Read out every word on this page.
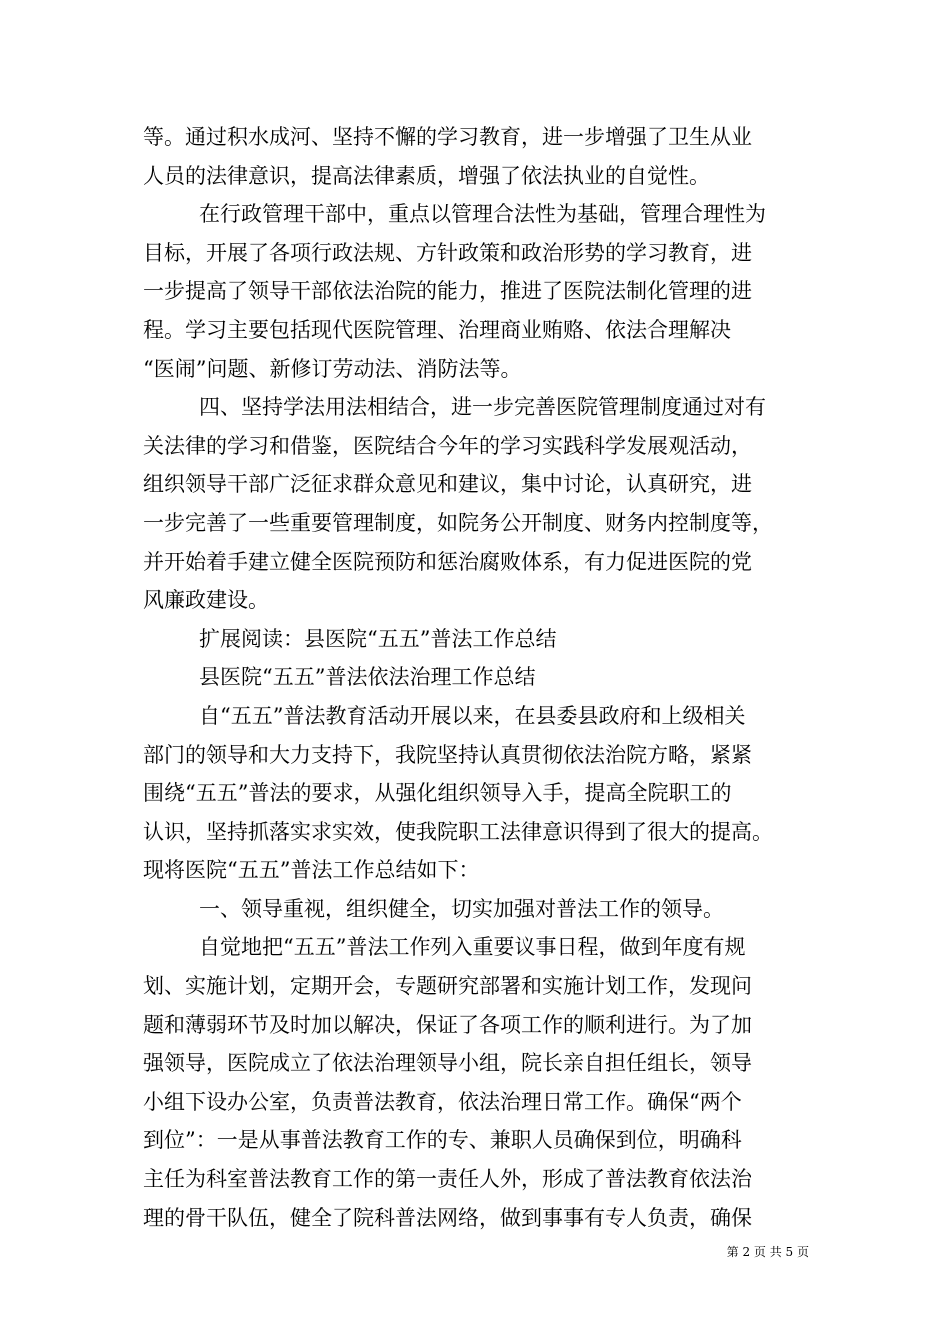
等。通过积水成河、坚持不懈的学习教育，进一步增强了卫生从业
人员的法律意识，提高法律素质，增强了依法执业的自觉性。
在行政管理干部中，重点以管理合法性为基础，管理合理性为
目标，开展了各项行政法规、方针政策和政治形势的学习教育，进
一步提高了领导干部依法治院的能力，推进了医院法制化管理的进
程。学习主要包括现代医院管理、治理商业贿赂、依法合理解决
“医闹”问题、新修订劳动法、消防法等。
四、坚持学法用法相结合，进一步完善医院管理制度通过对有
关法律的学习和借鉴，医院结合今年的学习实践科学发展观活动，
组织领导干部广泛征求群众意见和建议，集中讨论，认真研究，进
一步完善了一些重要管理制度，如院务公开制度、财务内控制度等，
并开始着手建立健全医院预防和惩治腐败体系，有力促进医院的党
风廉政建设。
扩展阅读：县医院“五五”普法工作总结
县医院“五五”普法依法治理工作总结
自“五五”普法教育活动开展以来，在县委县政府和上级相关
部门的领导和大力支持下，我院坚持认真贯彻依法治院方略，紧紧
围绕“五五”普法的要求，从强化组织领导入手，提高全院职工的
认识，坚持抓落实求实效，使我院职工法律意识得到了很大的提高。
现将医院“五五”普法工作总结如下：
一、领导重视，组织健全，切实加强对普法工作的领导。
自觉地把“五五”普法工作列入重要议事日程，做到年度有规
划、实施计划，定期开会，专题研究部署和实施计划工作，发现问
题和薄弱环节及时加以解决，保证了各项工作的顺利进行。为了加
强领导，医院成立了依法治理领导小组，院长亲自担任组长，领导
小组下设办公室，负责普法教育，依法治理日常工作。确保“两个
到位”：一是从事普法教育工作的专、兼职人员确保到位，明确科
主任为科室普法教育工作的第一责任人外，形成了普法教育依法治
理的骨干队伍，健全了院科普法网络，做到事事有专人负责，确保
第 2 页 共 5 页
